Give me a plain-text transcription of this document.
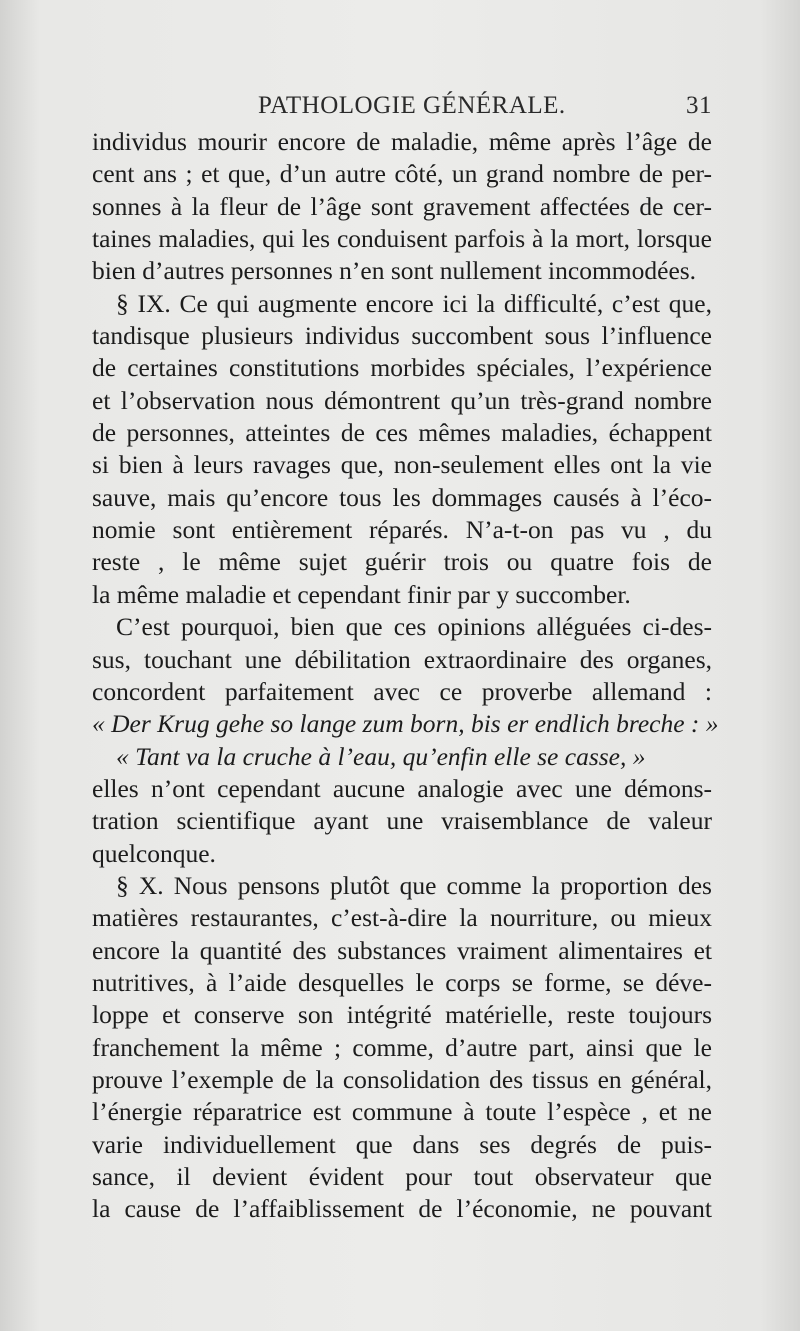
PATHOLOGIE GÉNÉRALE.	31
individus mourir encore de maladie, même après l’âge de
cent ans ; et que, d’un autre côté, un grand nombre de per-
sonnes à la fleur de l’âge sont gravement affectées de cer-
taines maladies, qui les conduisent parfois à la mort, lorsque
bien d’autres personnes n’en sont nullement incommodées.
§ IX. Ce qui augmente encore ici la difficulté, c’est que,
tandisque plusieurs individus succombent sous l’influence
de certaines constitutions morbides spéciales, l’expérience
et l’observation nous démontrent qu’un très-grand nombre
de personnes, atteintes de ces mêmes maladies, échappent
si bien à leurs ravages que, non-seulement elles ont la vie
sauve, mais qu’encore tous les dommages causés à l’éco-
nomie sont entièrement réparés. N’a-t-on pas vu , du
reste , le même sujet guérir trois ou quatre fois de
la même maladie et cependant finir par y succomber.
C’est pourquoi, bien que ces opinions alléguées ci-des-
sus, touchant une débilitation extraordinaire des organes,
concordent parfaitement avec ce proverbe allemand :
« Der Krug gehe so lange zum born, bis er endlich breche : »
« Tant va la cruche à l’eau, qu’enfin elle se casse, »
elles n’ont cependant aucune analogie avec une démons-
tration scientifique ayant une vraisemblance de valeur
quelconque.
§ X. Nous pensons plutôt que comme la proportion des
matières restaurantes, c’est-à-dire la nourriture, ou mieux
encore la quantité des substances vraiment alimentaires et
nutritives, à l’aide desquelles le corps se forme, se déve-
loppe et conserve son intégrité matérielle, reste toujours
franchement la même ; comme, d’autre part, ainsi que le
prouve l’exemple de la consolidation des tissus en général,
l’énergie réparatrice est commune à toute l’espèce , et ne
varie individuellement que dans ses degrés de puis-
sance, il devient évident pour tout observateur que
la cause de l’affaiblissement de l’économie, ne pouvant
